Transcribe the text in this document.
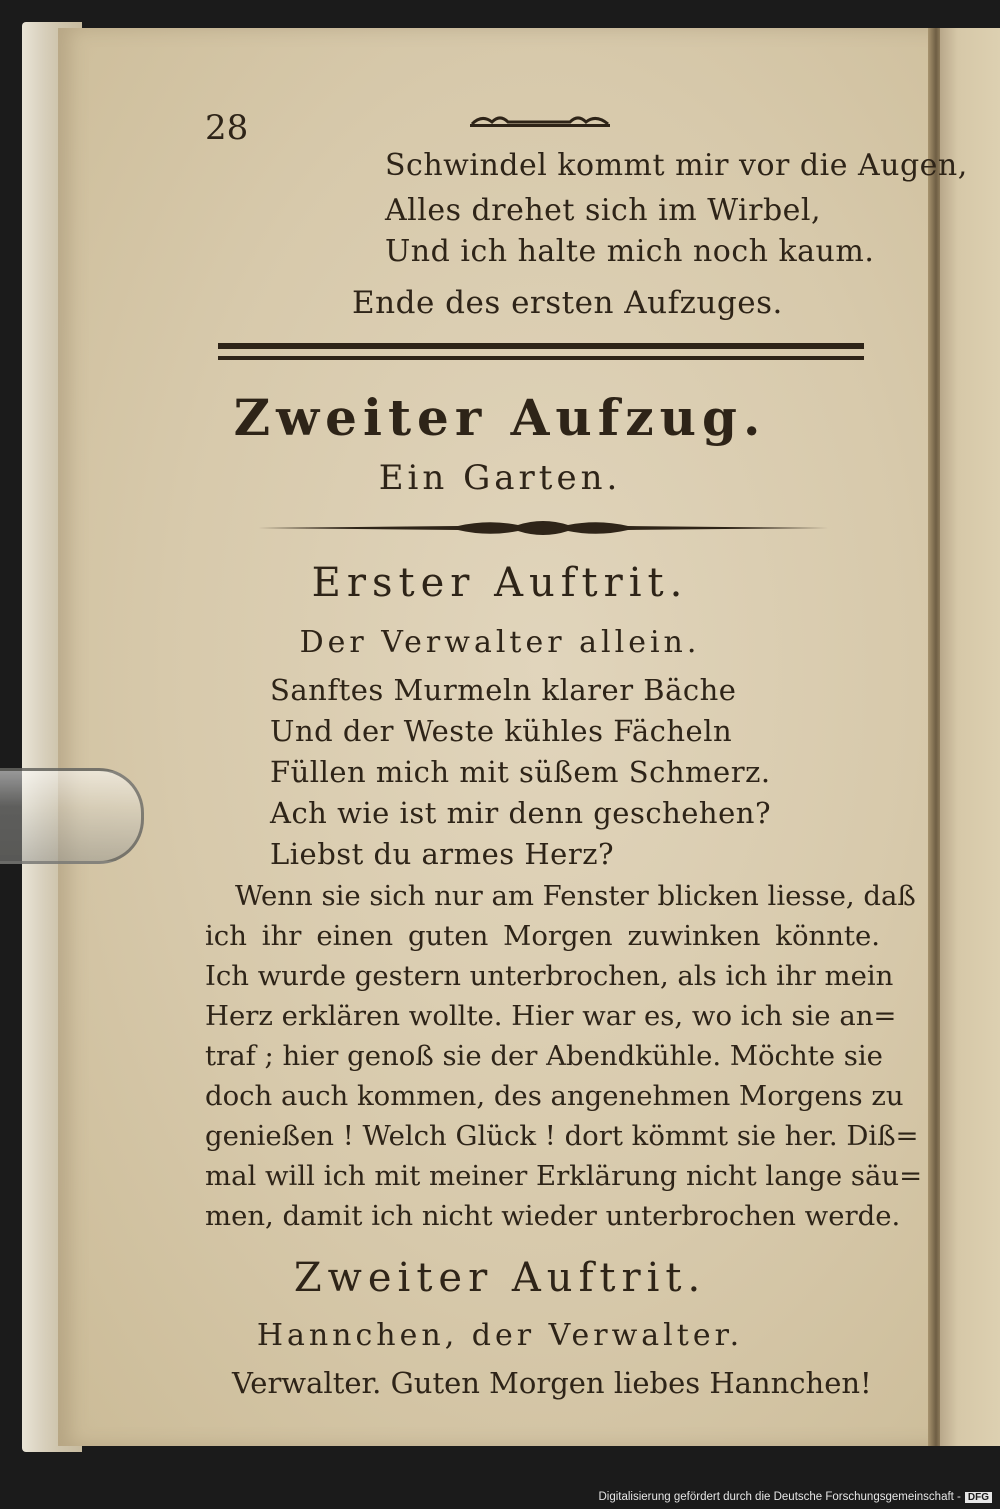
28

Schwindel kommt mir vor die Augen,

Alles drehet sich im Wirbel,

Und ich halte mich noch kaum.

Ende des ersten Aufzuges.

Zweiter Aufzug.

Ein Garten.

Erster Auftrit.

Der Verwalter allein.

Sanftes Murmeln klarer Bäche

Und der Weste kühles Fächeln

Füllen mich mit süßem Schmerz.

Ach wie ist mir denn geschehen?

Liebst du armes Herz?

Wenn sie sich nur am Fenster blicken liesse, daß
ich ihr einen guten Morgen zuwinken könnte.
Ich wurde gestern unterbrochen, als ich ihr mein
Herz erklären wollte. Hier war es, wo ich sie an=
traf ; hier genoß sie der Abendkühle. Möchte sie
doch auch kommen, des angenehmen Morgens zu
genießen ! Welch Glück ! dort kömmt sie her. Diß=
mal will ich mit meiner Erklärung nicht lange säu=
men, damit ich nicht wieder unterbrochen werde.

Zweiter Auftrit.

Hannchen, der Verwalter.

Verwalter. Guten Morgen liebes Hannchen!

Digitalisierung gefördert durch die Deutsche Forschungsgemeinschaft - DFG
